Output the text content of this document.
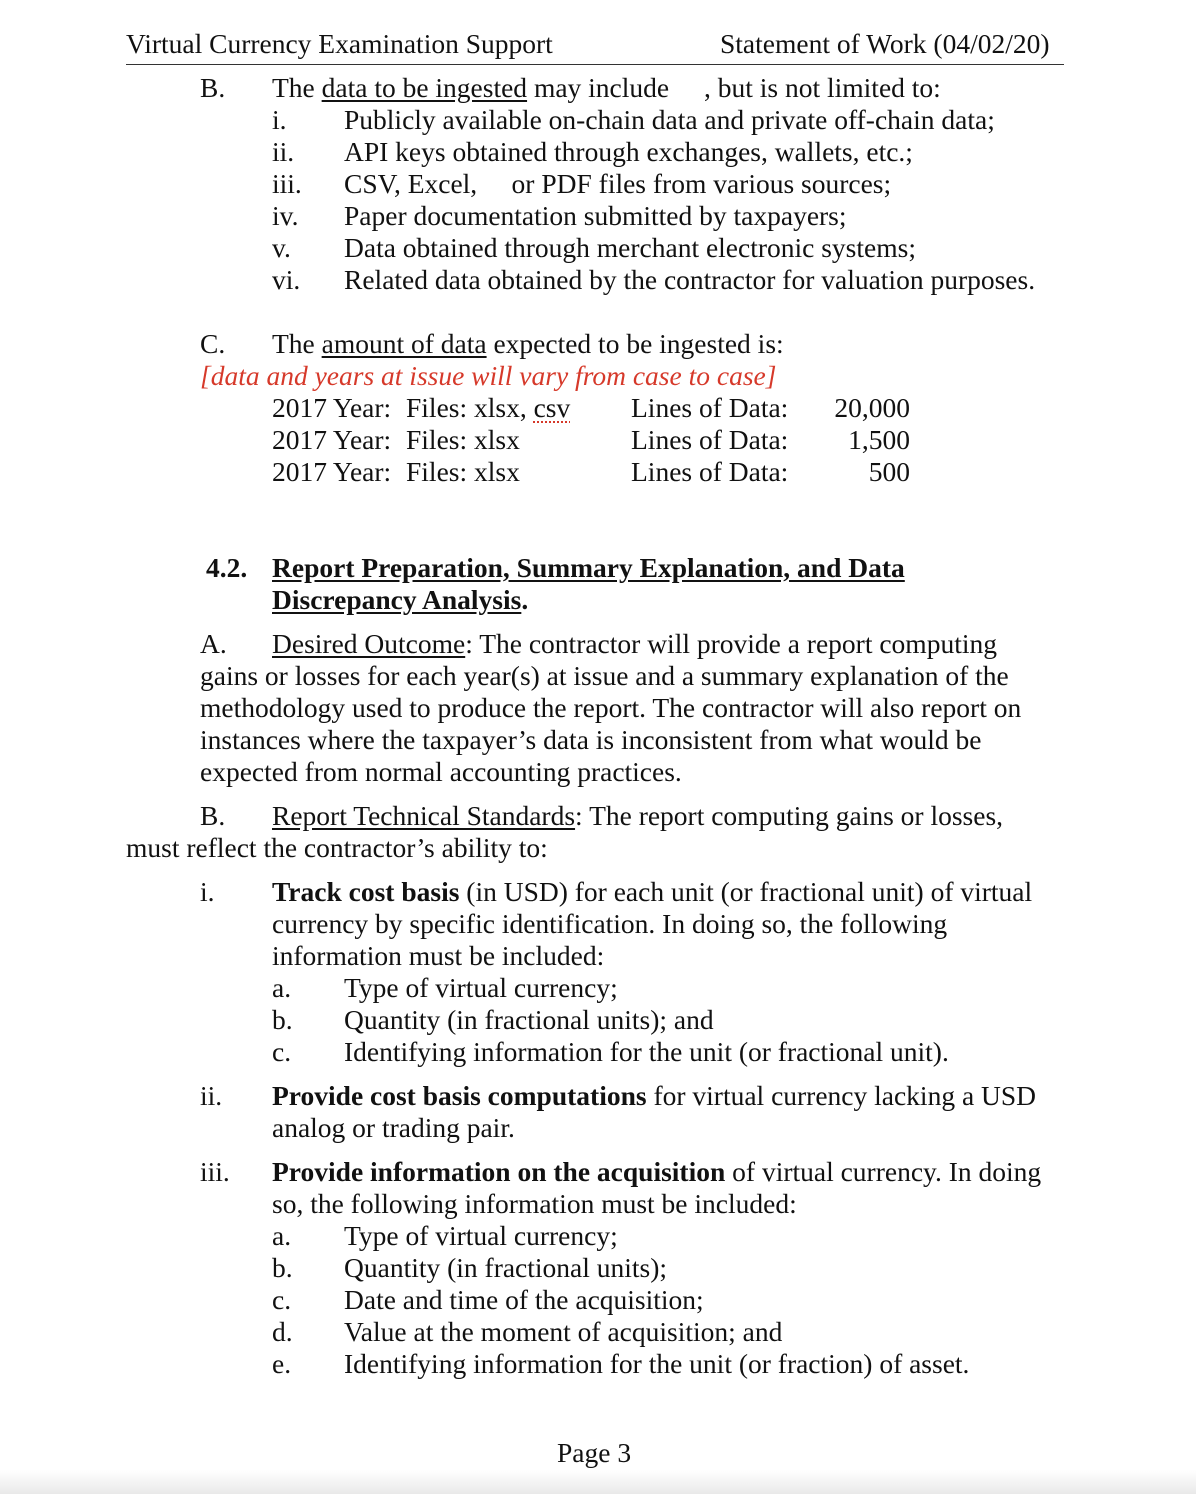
Virtual Currency Examination Support	Statement of Work (04/02/20)
B. The data to be ingested may include , but is not limited to:
i. Publicly available on-chain data and private off-chain data;
ii. API keys obtained through exchanges, wallets, etc.;
iii. CSV, Excel,     or PDF files from various sources;
iv. Paper documentation submitted by taxpayers;
v. Data obtained through merchant electronic systems;
vi. Related data obtained by the contractor for valuation purposes.
C. The amount of data expected to be ingested is:
[data and years at issue will vary from case to case]
2017 Year: Files: xlsx, csv Lines of Data:	20,000
2017 Year: Files: xlsx	Lines of Data:	1,500
2017 Year: Files: xlsx	Lines of Data:	500
4.2. Report Preparation, Summary Explanation, and Data
Discrepancy Analysis.
A. Desired Outcome: The contractor will provide a report computing
gains or losses for each year(s) at issue and a summary explanation of the
methodology used to produce the report. The contractor will also report on
instances where the taxpayer’s data is inconsistent from what would be
expected from normal accounting practices.
B. Report Technical Standards: The report computing gains or losses,
must reflect the contractor’s ability to:
i. Track cost basis (in USD) for each unit (or fractional unit) of virtual
currency by specific identification. In doing so, the following
information must be included:
a. Type of virtual currency;
b. Quantity (in fractional units); and
c. Identifying information for the unit (or fractional unit).
ii. Provide cost basis computations for virtual currency lacking a USD
analog or trading pair.
iii. Provide information on the acquisition of virtual currency. In doing
so, the following information must be included:
a. Type of virtual currency;
b. Quantity (in fractional units);
c. Date and time of the acquisition;
d. Value at the moment of acquisition; and
e. Identifying information for the unit (or fraction) of asset.
Page 3
